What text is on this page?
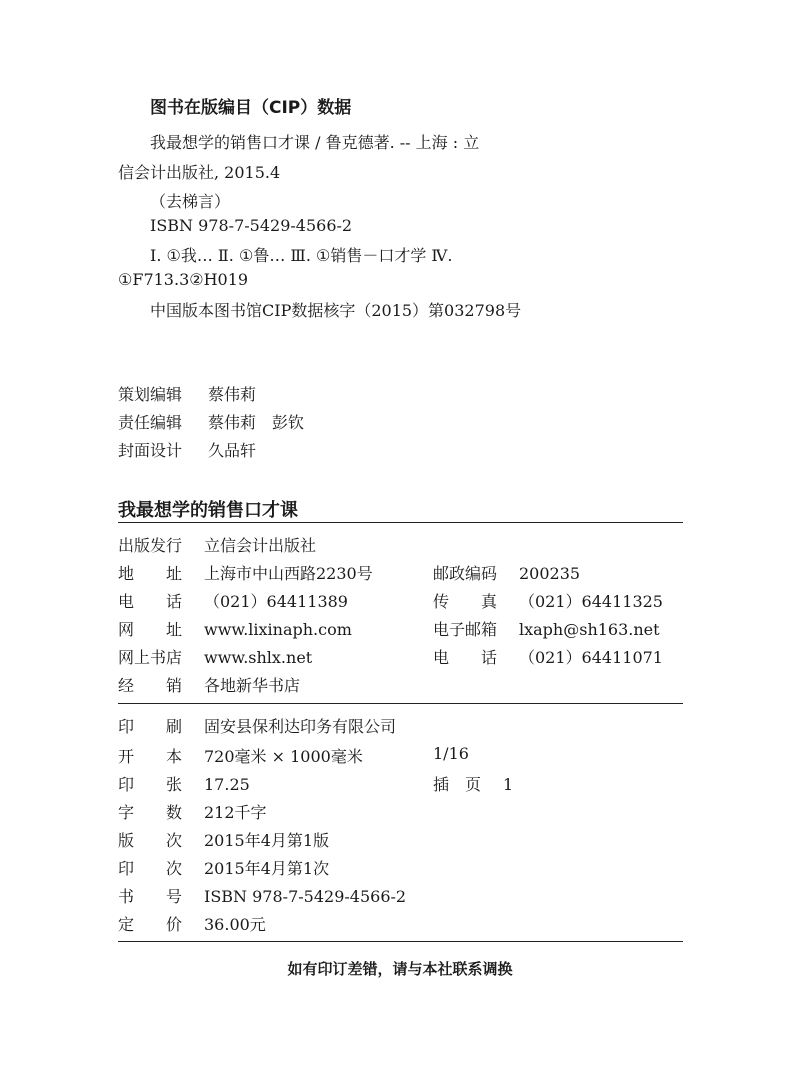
图书在版编目（CIP）数据
我最想学的销售口才课 / 鲁克德著. -- 上海 : 立
信会计出版社, 2015.4
（去梯言）
ISBN 978-7-5429-4566-2
Ⅰ. ①我… Ⅱ. ①鲁… Ⅲ. ①销售－口才学 Ⅳ.
①F713.3②H019
中国版本图书馆CIP数据核字（2015）第032798号
策划编辑 蔡伟莉
责任编辑 蔡伟莉　彭钦
封面设计 久品轩
我最想学的销售口才课
出版发行 立信会计出版社
地　　址 上海市中山西路2230号	邮政编码 200235
电　　话 （021）64411389	传　　真 （021）64411325
网　　址 www.lixinaph.com	电子邮箱 lxaph@sh163.net
网上书店 www.shlx.net	电　　话 （021）64411071
经　　销 各地新华书店
印　　刷 固安县保利达印务有限公司
开　　本 720毫米 × 1000毫米	1/16
印　　张 17.25	插　页 1
字　　数 212千字
版　　次 2015年4月第1版
印　　次 2015年4月第1次
书　　号 ISBN 978-7-5429-4566-2
定　　价 36.00元
如有印订差错，请与本社联系调换
